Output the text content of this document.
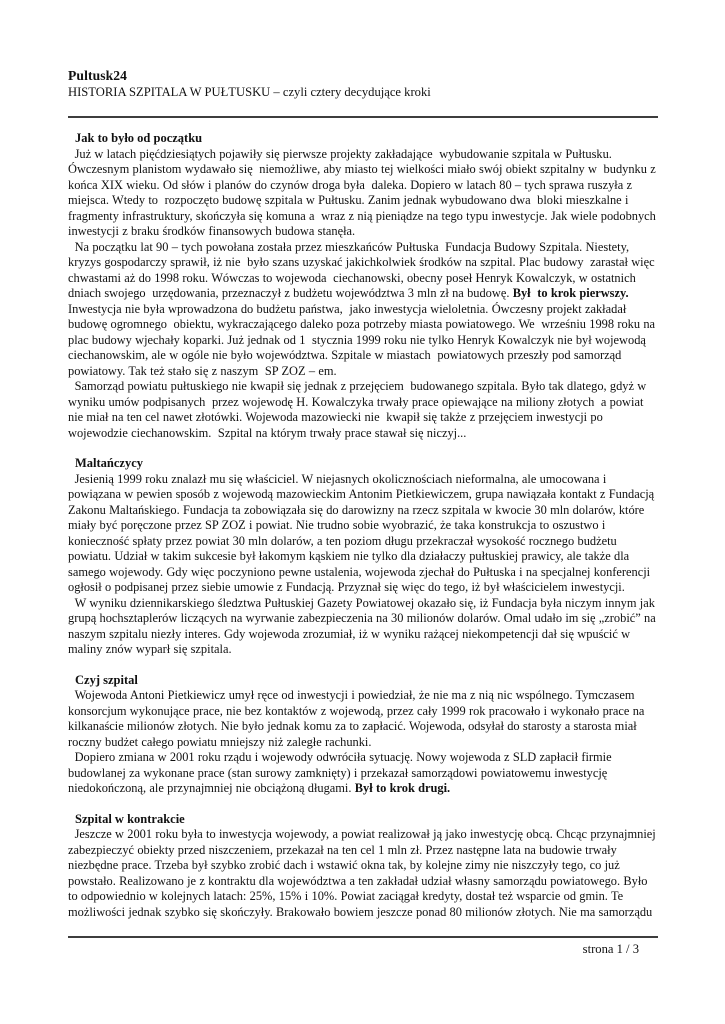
Pultusk24
HISTORIA SZPITALA W PUŁTUSKU – czyli cztery decydujące kroki
Jak to było od początku

Już w latach pięćdziesiątych pojawiły się pierwsze projekty zakładające  wybudowanie szpitala w Pułtusku. Ówczesnym planistom wydawało się  niemożliwe, aby miasto tej wielkości miało swój obiekt szpitalny w  budynku z końca XIX wieku. Od słów i planów do czynów droga była  daleka. Dopiero w latach 80 – tych sprawa ruszyła z miejsca. Wtedy to  rozpoczęto budowę szpitala w Pułtusku. Zanim jednak wybudowano dwa  bloki mieszkalne i fragmenty infrastruktury, skończyła się komuna a  wraz z nią pieniądze na tego typu inwestycje. Jak wiele podobnych inwestycji z braku środków finansowych budowa stanęła.

Na początku lat 90 – tych powołana została przez mieszkańców Pułtuska  Fundacja Budowy Szpitala. Niestety, kryzys gospodarczy sprawił, iż nie  było szans uzyskać jakichkolwiek środków na szpital. Plac budowy  zarastał więc chwastami aż do 1998 roku. Wówczas to wojewoda  ciechanowski, obecny poseł Henryk Kowalczyk, w ostatnich dniach swojego  urzędowania, przeznaczył z budżetu województwa 3 mln zł na budowę. Był  to krok pierwszy. Inwestycja nie była wprowadzona do budżetu państwa,  jako inwestycja wieloletnia. Ówczesny projekt zakładał budowę ogromnego  obiektu, wykraczającego daleko poza potrzeby miasta powiatowego. We  wrześniu 1998 roku na plac budowy wjechały koparki. Już jednak od 1  stycznia 1999 roku nie tylko Henryk Kowalczyk nie był wojewodą ciechanowskim, ale w ogóle nie było województwa. Szpitale w miastach  powiatowych przeszły pod samorząd powiatowy. Tak też stało się z naszym  SP ZOZ – em.

Samorząd powiatu pułtuskiego nie kwapił się jednak z przejęciem  budowanego szpitala. Było tak dlatego, gdyż w wyniku umów podpisanych  przez wojewodę H. Kowalczyka trwały prace opiewające na miliony złotych  a powiat nie miał na ten cel nawet złotówki. Wojewoda mazowiecki nie  kwapił się także z przejęciem inwestycji po wojewodzie ciechanowskim.  Szpital na którym trwały prace stawał się niczyj...

Maltańczycy

Jesienią 1999 roku znalazł mu się właściciel. W niejasnych okolicznościach nieformalna, ale umocowana i powiązana w pewien sposób z wojewodą mazowieckim Antonim Pietkiewiczem, grupa nawiązała kontakt z Fundacją Zakonu Maltańskiego. Fundacja ta zobowiązała się do darowizny na rzecz szpitala w kwocie 30 mln dolarów, które miały być poręczone przez SP ZOZ i powiat. Nie trudno sobie wyobrazić, że taka konstrukcja to oszustwo i konieczność spłaty przez powiat 30 mln dolarów, a ten poziom długu przekraczał wysokość rocznego budżetu powiatu. Udział w takim sukcesie był łakomym kąskiem nie tylko dla działaczy pułtuskiej prawicy, ale także dla samego wojewody. Gdy więc poczyniono pewne ustalenia, wojewoda zjechał do Pułtuska i na specjalnej konferencji ogłosił o podpisanej przez siebie umowie z Fundacją. Przyznał się więc do tego, iż był właścicielem inwestycji.

W wyniku dziennikarskiego śledztwa Pułtuskiej Gazety Powiatowej okazało się, iż Fundacja była niczym innym jak grupą hochsztaplerów liczących na wyrwanie zabezpieczenia na 30 milionów dolarów. Omal udało im się „zrobić” na naszym szpitalu niezły interes. Gdy wojewoda zrozumiał, iż w wyniku rażącej niekompetencji dał się wpuścić w maliny znów wyparł się szpitala.

Czyj szpital

Wojewoda Antoni Pietkiewicz umył ręce od inwestycji i powiedział, że nie ma z nią nic wspólnego. Tymczasem konsorcjum wykonujące prace, nie bez kontaktów z wojewodą, przez cały 1999 rok pracowało i wykonało prace na kilkanaście milionów złotych. Nie było jednak komu za to zapłacić. Wojewoda, odsyłał do starosty a starosta miał roczny budżet całego powiatu mniejszy niż zaległe rachunki.

Dopiero zmiana w 2001 roku rządu i wojewody odwróciła sytuację. Nowy wojewoda z SLD zapłacił firmie budowlanej za wykonane prace (stan surowy zamknięty) i przekazał samorządowi powiatowemu inwestycję niedokończoną, ale przynajmniej nie obciążoną długami. Był to krok drugi.

Szpital w kontrakcie

Jeszcze w 2001 roku była to inwestycja wojewody, a powiat realizował ją jako inwestycję obcą. Chcąc przynajmniej zabezpieczyć obiekty przed niszczeniem, przekazał na ten cel 1 mln zł. Przez następne lata na budowie trwały niezbędne prace. Trzeba był szybko zrobić dach i wstawić okna tak, by kolejne zimy nie niszczyły tego, co już powstało. Realizowano je z kontraktu dla województwa a ten zakładał udział własny samorządu powiatowego. Było to odpowiednio w kolejnych latach: 25%, 15% i 10%. Powiat zaciągał kredyty, dostał też wsparcie od gmin. Te możliwości jednak szybko się skończyły. Brakowało bowiem jeszcze ponad 80 milionów złotych. Nie ma samorządu

strona 1 / 3
